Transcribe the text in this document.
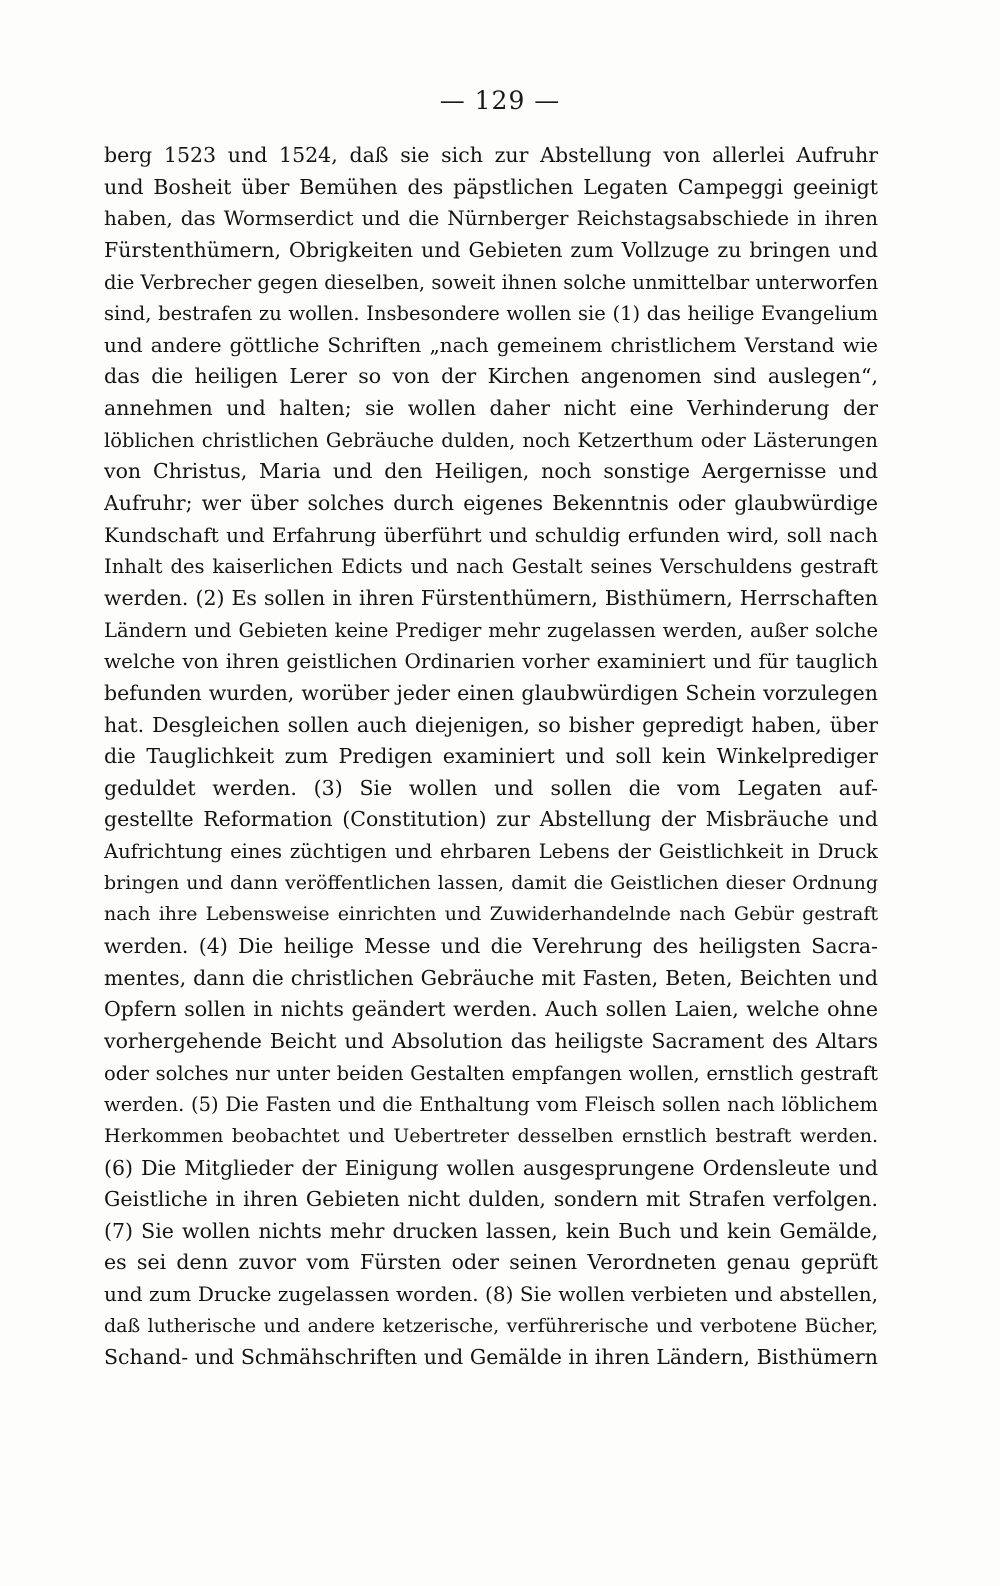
— 129 —
berg 1523 und 1524, daß sie sich zur Abstellung von allerlei Aufruhr
und Bosheit über Bemühen des päpstlichen Legaten Campeggi geeinigt
haben, das Wormserdict und die Nürnberger Reichstagsabschiede in ihren
Fürstenthümern, Obrigkeiten und Gebieten zum Vollzuge zu bringen und
die Verbrecher gegen dieselben, soweit ihnen solche unmittelbar unterworfen
sind, bestrafen zu wollen. Insbesondere wollen sie (1) das heilige Evangelium
und andere göttliche Schriften „nach gemeinem christlichem Verstand wie
das die heiligen Lerer so von der Kirchen angenomen sind auslegen“,
annehmen und halten; sie wollen daher nicht eine Verhinderung der
löblichen christlichen Gebräuche dulden, noch Ketzerthum oder Lästerungen
von Christus, Maria und den Heiligen, noch sonstige Aergernisse und
Aufruhr; wer über solches durch eigenes Bekenntnis oder glaubwürdige
Kundschaft und Erfahrung überführt und schuldig erfunden wird, soll nach
Inhalt des kaiserlichen Edicts und nach Gestalt seines Verschuldens gestraft
werden. (2) Es sollen in ihren Fürstenthümern, Bisthümern, Herrschaften
Ländern und Gebieten keine Prediger mehr zugelassen werden, außer solche
welche von ihren geistlichen Ordinarien vorher examiniert und für tauglich
befunden wurden, worüber jeder einen glaubwürdigen Schein vorzulegen
hat. Desgleichen sollen auch diejenigen, so bisher gepredigt haben, über
die Tauglichkeit zum Predigen examiniert und soll kein Winkelprediger
geduldet werden. (3) Sie wollen und sollen die vom Legaten auf-
gestellte Reformation (Constitution) zur Abstellung der Misbräuche und
Aufrichtung eines züchtigen und ehrbaren Lebens der Geistlichkeit in Druck
bringen und dann veröffentlichen lassen, damit die Geistlichen dieser Ordnung
nach ihre Lebensweise einrichten und Zuwiderhandelnde nach Gebür gestraft
werden. (4) Die heilige Messe und die Verehrung des heiligsten Sacra-
mentes, dann die christlichen Gebräuche mit Fasten, Beten, Beichten und
Opfern sollen in nichts geändert werden. Auch sollen Laien, welche ohne
vorhergehende Beicht und Absolution das heiligste Sacrament des Altars
oder solches nur unter beiden Gestalten empfangen wollen, ernstlich gestraft
werden. (5) Die Fasten und die Enthaltung vom Fleisch sollen nach löblichem
Herkommen beobachtet und Uebertreter desselben ernstlich bestraft werden.
(6) Die Mitglieder der Einigung wollen ausgesprungene Ordensleute und
Geistliche in ihren Gebieten nicht dulden, sondern mit Strafen verfolgen.
(7) Sie wollen nichts mehr drucken lassen, kein Buch und kein Gemälde,
es sei denn zuvor vom Fürsten oder seinen Verordneten genau geprüft
und zum Drucke zugelassen worden. (8) Sie wollen verbieten und abstellen,
daß lutherische und andere ketzerische, verführerische und verbotene Bücher,
Schand- und Schmähschriften und Gemälde in ihren Ländern, Bisthümern
